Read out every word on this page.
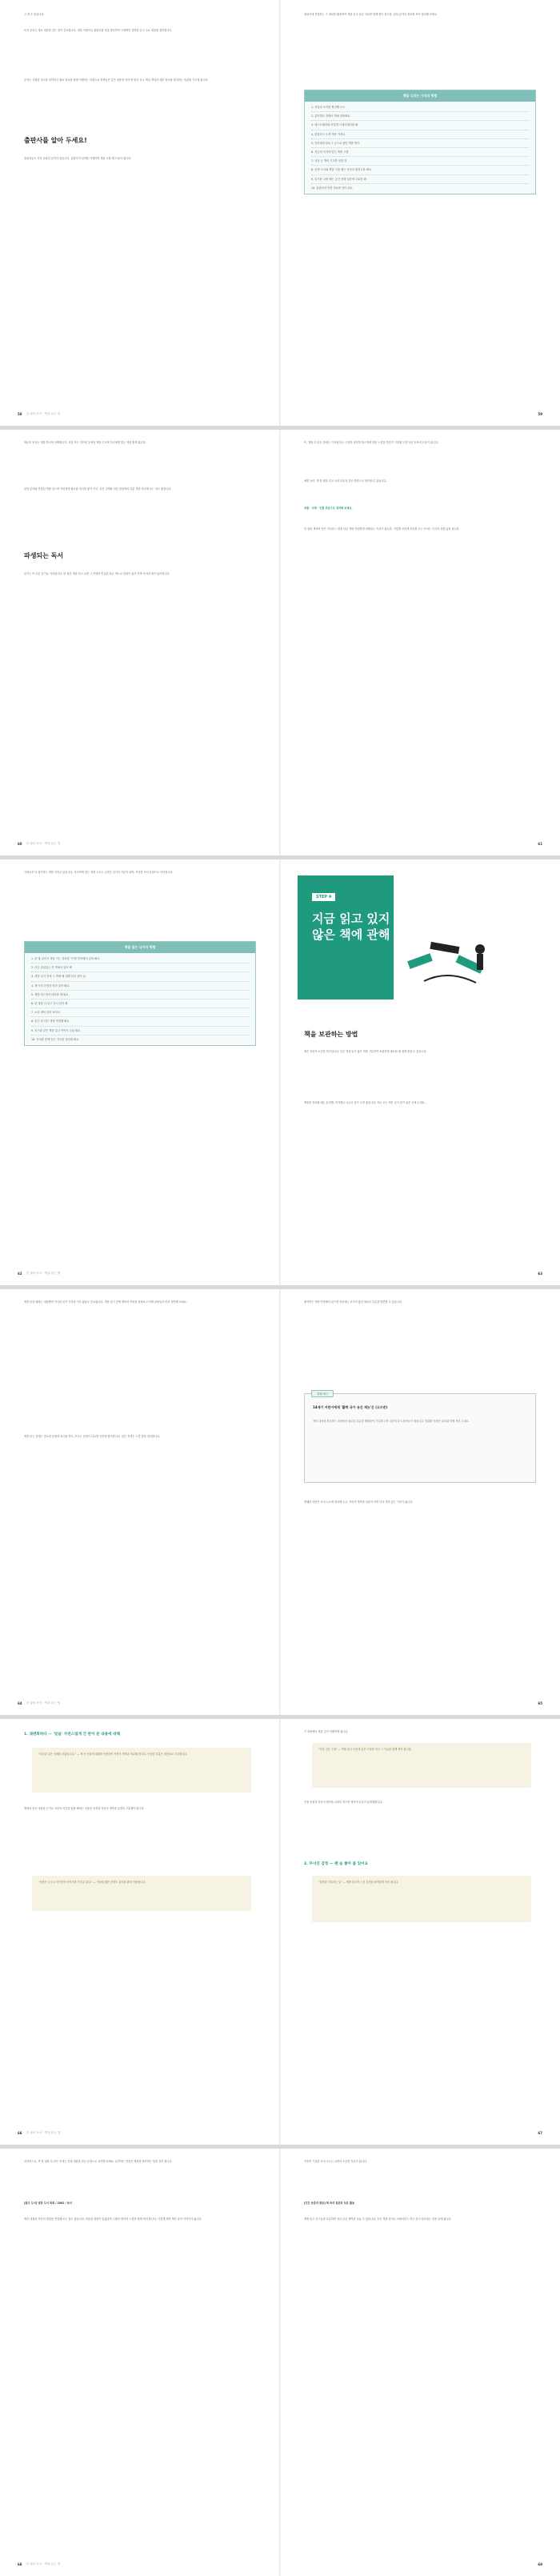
고 을 수 있습니다.

독서 문서는 개요 대상을 읽는 것이 중요합니다. 세밀 사람이나 출판사를 직접 방문하여 구체적인 설명을 듣고 주요 내용을 정리합니다.

문서는 기획된 의도를 파악하고 필요 정보를 함께 이해하는 과정으로 학생들은 같은 내용을 여러 번 읽어 보고 핵심 개념과 세부 정보를 정리하는 습관을 기르게 됩니다.

출판사를 알아 두세요!

출판사들도 각자 특화된 분야가 있습니다. 출판사의 성격을 이해하면 책을 고를 때 도움이 됩니다.

58 한 권의 독서 · 책을 읽는 법

출판사에 연결하는 그 정보를 활용하여 책을 읽고 다른 자료를 함께 찾아 봅니다. 관심 분야의 정보를 모아 정리해 보세요.

책을 고르는 가지의 방법
1. 서점과 독자를 확인해 보고
2. 분야별로 정해서 책에 살펴봐요
3. 베스트셀러와 이렇게 스테디셀러를 봐
4. 편집하고 소개 책을 가져요
5. 인터넷과 블로그 등으로 관련 책을 찾아
6. 지금과 독자에 맞는 책을 고를
7. 서점 등 책의 기초를 얻을 걸
8. 인생 도서와 책을 고를 때는 독자의 환경도를 봐요
9. 읽기를 고를 때는 공간 선택 입문에 도와를 봐
10. 출판사의 안전 정보를 알아 둬요
59

새로운 독자는 책을 하나씩 선택합니다. 서점 또는 인터넷 등에서 책을 고르며 자신에게 맞는 책을 찾게 됩니다.

관심 분야와 연결된 책을 읽으며 자신에게 필요한 지식을 쌓아 가고, 같은 주제를 다른 관점에서 다룬 책을 비교해 보는 것도 좋습니다.

파생되는 독서

읽기는 또 다른 읽기로 이어집니다. 한 권의 책을 읽고 나면 그 안에서 언급된 다른 책으로 관심이 옮겨 가며 독서의 폭이 넓어집니다.

60 한 권의 독서 · 책을 읽는 법

또, 책을 다 읽은 뒤에는 기억에 남는 구절을 정리하거나 책에 대한 느낌을 간단히 기록해 두면 다음 독서에 도움이 됩니다.

예를 들어, 책 한 권을 읽고 나서 다음과 같은 방법으로 정리할 수 있습니다.

작품 · 주제 · 인물 중심으로 정리해 보세요.

한 권의 책에서 얻은 지식과 느낌을 다른 책과 연결하면 파생되는 독서가 됩니다. 이렇게 꼬리에 꼬리를 무는 독서는 사고의 폭을 넓혀 줍니다.

61

사람들은 다 좋아하는 책을 가지고 있습니다. 자신에게 맞는 책을 고르는 능력은 읽기의 기본이 되며, 꾸준한 독서 습관으로 이어집니다.

책을 읽는 다가지 방법
1. 한 권 읽어서 책을 거는 것처럼 '가'를 반복해서 읽어 봐요
2. 지금 관심있는 건 책에서 읽어 봐
3. 책을 읽기 전에 그 책에 해 대해 미리 알아 둬
4. 책 속의 문장을 따라 읽어 봐요
5. 책을 읽으면서 메모를 해 봐요
6. 한 권을 다 읽고 다시 읽어 봐
7. 소리 내어 읽어 보아요
8. 읽은 뒤 다른 책과 연결해 봐요
9. 친구와 같은 책을 읽고 이야기 나눠 봐요
10. 독서를 통해 얻은 지식을 실천해 봐요
62 한 권의 독서 · 책을 읽는 법
책을 보관하는 방법

책은 자신의 소중한 자산입니다. 읽은 책과 읽지 않은 책을 구분하여 보관하면 필요할 때 쉽게 찾을 수 있습니다.

책장을 정리할 때는 분야별, 작가별로 나누어 꽂아 두면 좋습니다. 자주 보는 책은 손이 닿기 쉬운 곳에 두세요.

63
STEP 4
지금 읽고 있지 않은 책에 관해

책을 읽을 때에는 내용뿐만 아니라 읽기 이전과 이후 활동도 중요합니다. 책을 읽기 전에 제목과 목차를 살펴보고 어떤 내용일지 미리 생각해 보세요.

책을 읽는 중에는 중요한 문장에 표시를 하고, 모르는 낱말이 나오면 사전을 찾아봅니다. 읽은 후에는 느낀 점을 정리합니다.

64 한 권의 독서 · 책을 읽는 법

좋아하는 책을 반복해서 읽으면 처음에는 보이지 않던 새로운 부분을 발견할 수 있습니다.

발췌 예시
14세기 어린이에게 '활짝 국가 유산 재능'은 (고수준)

책의 내용을 정리하는 과정에서 필요한 부분을 발췌하여 기록해 두면 나중에 다시 찾아보기 쉽습니다. 발췌한 문장은 출처와 함께 적어 두세요.

발췌한 내용은 독서 노트에 정리해 두고, 자신의 생각을 덧붙여 보면 더욱 의미 있는 기록이 됩니다.

65
1. 궤변화하다 — '알음' 자연스럽게 간 판이 본 내용에 대해
"다음과 같은 사례를 보았습니다." — 책 속 인물의 대화를 인용하여 자신의 생각과 비교해 봅니다. 인용한 부분은 따옴표로 구분합니다.

책에서 읽은 내용을 근거로 자신의 의견을 말할 때에는 인용한 문장과 자신의 생각을 분명히 구분해야 합니다.

"사람은 누구나 자기만의 이야기를 가지고 있다." — 이처럼 짧은 문장도 출처를 밝혀 인용합니다.
66 한 권의 독서 · 책을 읽는 법

이 과정에서 책을 깊이 이해하게 됩니다.

"인상 깊은 구절" — 책을 읽고 마음에 남은 구절을 적고 그 이유를 함께 적어 봅니다.

인용 문장과 자신의 해석을 나란히 적으면 생각의 흐름이 분명해집니다.

2. 무너진 감정 — 팬 슬 좋아 봅 있어요
"감정을 기록하는 일" — 책을 읽으며 느낀 감정을 솔직하게 적어 봅니다.
67

마지막으로, 책 한 권을 다 읽은 후에는 전체 내용을 한두 문장으로 요약해 보세요. 요약하는 연습은 핵심을 파악하는 힘을 길러 줍니다.

[참고 도서] 권장 도서 목록 / 2002 / 독서

책의 내용과 자신의 경험을 연결해 보는 것도 좋습니다. 비슷한 경험이 있었다면 그때의 생각과 느낌을 함께 적어 봅니다. 이렇게 하면 책이 나의 이야기가 됩니다.

68 한 권의 독서 · 책을 읽는 법

꾸준히 기록한 독서 노트는 나만의 소중한 자료가 됩니다.

[인간 존중과 평등] 책 속의 질문과 토론 활동

책을 읽고 친구들과 토론하면 서로 다른 생각을 나눌 수 있습니다. 같은 책을 읽어도 사람마다 느끼는 점이 다르다는 것을 알게 됩니다.

69
